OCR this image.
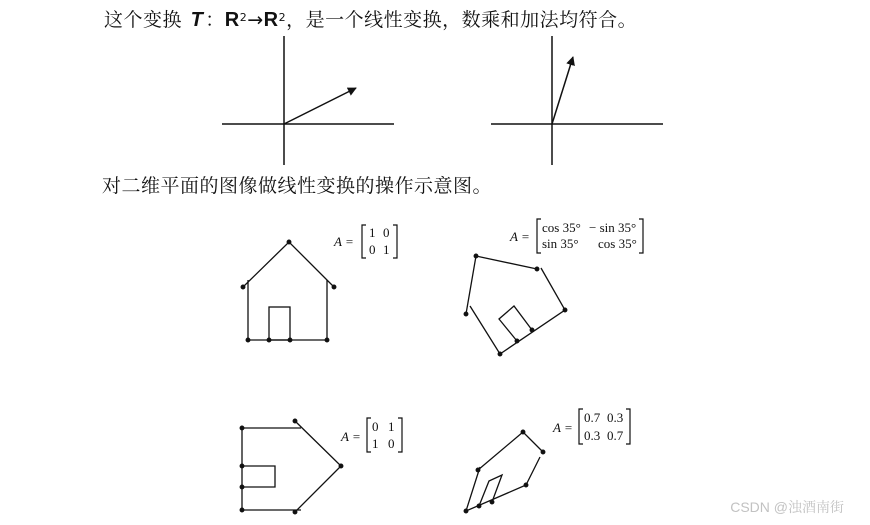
这个变换 T ：$R^2\to R^2$，是一个线性变换，数乘和加法均符合。
对二维平面的图像做线性变换的操作示意图。
A =
1 0
0 1
A =
cos 35° − sin 35°
sin 35° cos 35°
A =
0 1
1 0
A =
0.7 0.3
0.3 0.7
CSDN @浊酒南街
